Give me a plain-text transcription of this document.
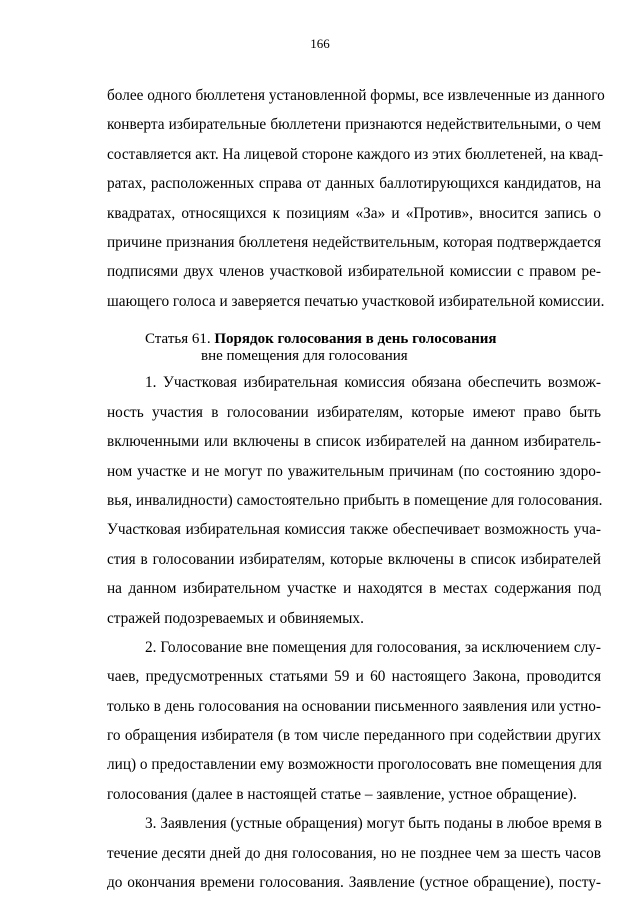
166
более одного бюллетеня установленной формы, все извлеченные из данного
конверта избирательные бюллетени признаются недействительными, о чем
составляется акт. На лицевой стороне каждого из этих бюллетеней, на квад-
ратах, расположенных справа от данных баллотирующихся кандидатов, на
квадратах, относящихся к позициям «За» и «Против», вносится запись о
причине признания бюллетеня недействительным, которая подтверждается
подписями двух членов участковой избирательной комиссии с правом ре-
шающего голоса и заверяется печатью участковой избирательной комиссии.
Статья 61. Порядок голосования в день голосования
вне помещения для голосования
1. Участковая избирательная комиссия обязана обеспечить возмож-
ность участия в голосовании избирателям, которые имеют право быть
включенными или включены в список избирателей на данном избиратель-
ном участке и не могут по уважительным причинам (по состоянию здоро-
вья, инвалидности) самостоятельно прибыть в помещение для голосования.
Участковая избирательная комиссия также обеспечивает возможность уча-
стия в голосовании избирателям, которые включены в список избирателей
на данном избирательном участке и находятся в местах содержания под
стражей подозреваемых и обвиняемых.
2. Голосование вне помещения для голосования, за исключением слу-
чаев, предусмотренных статьями 59 и 60 настоящего Закона, проводится
только в день голосования на основании письменного заявления или устно-
го обращения избирателя (в том числе переданного при содействии других
лиц) о предоставлении ему возможности проголосовать вне помещения для
голосования (далее в настоящей статье – заявление, устное обращение).
3. Заявления (устные обращения) могут быть поданы в любое время в
течение десяти дней до дня голосования, но не позднее чем за шесть часов
до окончания времени голосования. Заявление (устное обращение), посту-
